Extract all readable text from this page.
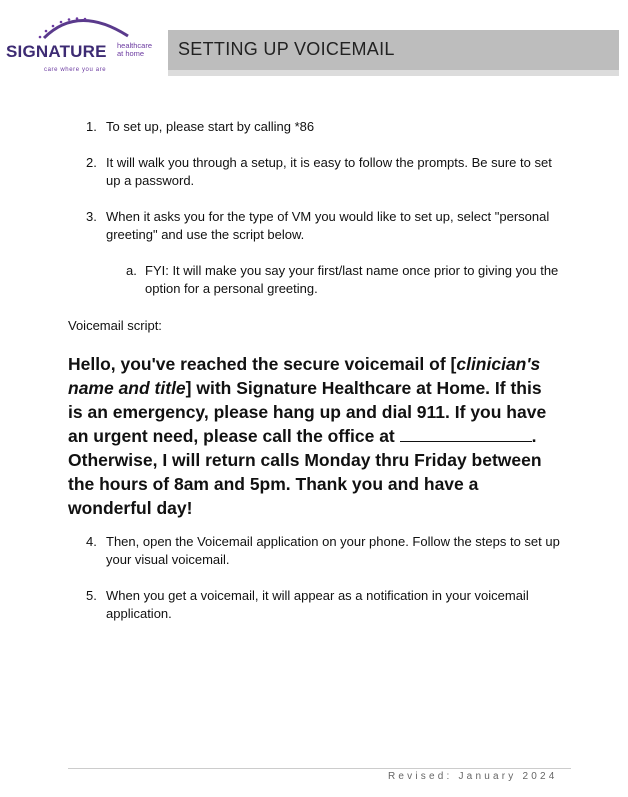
SIGNATURE healthcare
at home
care where you are
SETTING UP VOICEMAIL
1. To set up, please start by calling *86
2. It will walk you through a setup, it is easy to follow the prompts. Be sure to set up a password.
3. When it asks you for the type of VM you would like to set up, select "personal greeting" and use the script below.
a. FYI: It will make you say your first/last name once prior to giving you the option for a personal greeting.
Voicemail script:
Hello, you've reached the secure voicemail of [clinician's name and title] with Signature Healthcare at Home. If this is an emergency, please hang up and dial 911. If you have an urgent need, please call the office at	. Otherwise, I will return calls Monday thru Friday between the hours of 8am and 5pm. Thank you and have a wonderful day!
4. Then, open the Voicemail application on your phone. Follow the steps to set up your visual voicemail.
5. When you get a voicemail, it will appear as a notification in your voicemail application.
Revised: January 2024
